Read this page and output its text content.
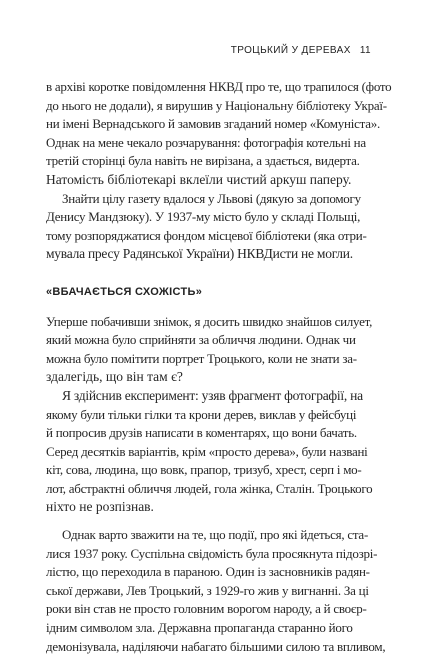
ТРОЦЬКИЙ У ДЕРЕВАХ 11

в архіві коротке повідомлення НКВД про те, що трапилося (фото
до нього не додали), я вирушив у Національну бібліотеку Украї-
ни імені Вернадського й замовив згаданий номер «Комуніста».
Однак на мене чекало розчарування: фотографія котельні на
третій сторінці була навіть не вирізана, а здається, видерта.
Натомість бібліотекарі вклеїли чистий аркуш паперу.

Знайти цілу газету вдалося у Львові (дякую за допомогу
Денису Мандзюку). У 1937-му місто було у складі Польщі,
тому розпоряджатися фондом місцевої бібліотеки (яка отри-
мувала пресу Радянської України) НКВДисти не могли.

«ВБАЧАЄТЬСЯ СХОЖІСТЬ»

Уперше побачивши знімок, я досить швидко знайшов силует,
який можна було сприйняти за обличчя людини. Однак чи
можна було помітити портрет Троцького, коли не знати за-
здалегідь, що він там є?

Я здійснив експеримент: узяв фрагмент фотографії, на
якому були тільки гілки та крони дерев, виклав у фейсбуці
й попросив друзів написати в коментарях, що вони бачать.
Серед десятків варіантів, крім «просто дерева», були названі
кіт, сова, людина, що вовк, прапор, тризуб, хрест, серп і мо-
лот, абстрактні обличчя людей, гола жінка, Сталін. Троцького
ніхто не розпізнав.

Однак варто зважити на те, що події, про які йдеться, ста-
лися 1937 року. Суспільна свідомість була просякнута підозрі-
лістю, що переходила в параною. Один із засновників радян-
ської держави, Лев Троцький, з 1929-го жив у вигнанні. За ці
роки він став не просто головним ворогом народу, а й своєр-
ідним символом зла. Державна пропаганда старанно його
демонізувала, наділяючи набагато більшими силою та впливом,
